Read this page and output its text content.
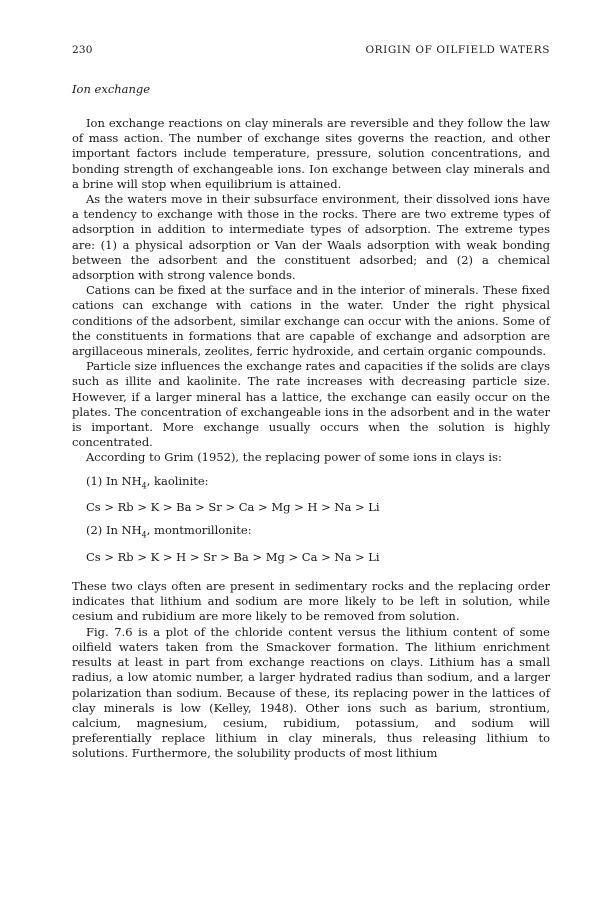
230	ORIGIN OF OILFIELD WATERS
Ion exchange

Ion exchange reactions on clay minerals are reversible and they follow the law of mass action. The number of exchange sites governs the reaction, and other important factors include temperature, pressure, solution concentrations, and bonding strength of exchangeable ions. Ion exchange between clay minerals and a brine will stop when equilibrium is attained.

As the waters move in their subsurface environment, their dissolved ions have a tendency to exchange with those in the rocks. There are two extreme types of adsorption in addition to intermediate types of adsorption. The extreme types are: (1) a physical adsorption or Van der Waals adsorption with weak bonding between the adsorbent and the constituent adsorbed; and (2) a chemical adsorption with strong valence bonds.

Cations can be fixed at the surface and in the interior of minerals. These fixed cations can exchange with cations in the water. Under the right physical conditions of the adsorbent, similar exchange can occur with the anions. Some of the constituents in formations that are capable of exchange and adsorption are argillaceous minerals, zeolites, ferric hydroxide, and certain organic compounds.

Particle size influences the exchange rates and capacities if the solids are clays such as illite and kaolinite. The rate increases with decreasing particle size. However, if a larger mineral has a lattice, the exchange can easily occur on the plates. The concentration of exchangeable ions in the adsorbent and in the water is important. More exchange usually occurs when the solution is highly concentrated.

According to Grim (1952), the replacing power of some ions in clays is:

(1) In $NH_4$, kaolinite:
Cs > Rb > K > Ba > Sr > Ca > Mg > H > Na > Li
(2) In $NH_4$, montmorillonite:
Cs > Rb > K > H > Sr > Ba > Mg > Ca > Na > Li

These two clays often are present in sedimentary rocks and the replacing order indicates that lithium and sodium are more likely to be left in solution, while cesium and rubidium are more likely to be removed from solution.

Fig. 7.6 is a plot of the chloride content versus the lithium content of some oilfield waters taken from the Smackover formation. The lithium enrichment results at least in part from exchange reactions on clays. Lithium has a small radius, a low atomic number, a larger hydrated radius than sodium, and a larger polarization than sodium. Because of these, its replacing power in the lattices of clay minerals is low (Kelley, 1948). Other ions such as barium, strontium, calcium, magnesium, cesium, rubidium, potassium, and sodium will preferentially replace lithium in clay minerals, thus releasing lithium to solutions. Furthermore, the solubility products of most lithium
